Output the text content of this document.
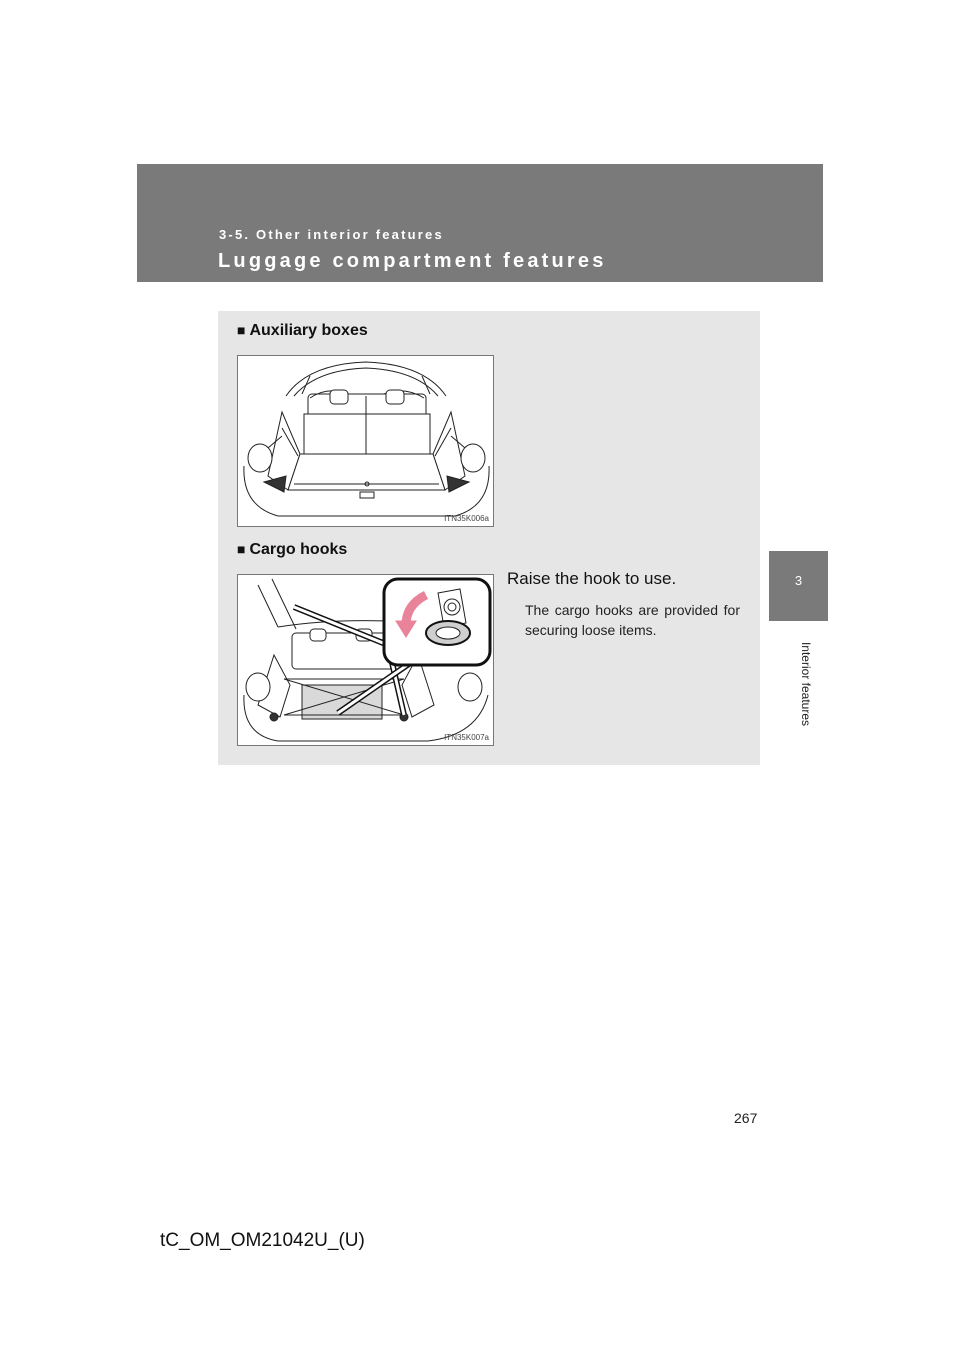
3-5. Other interior features
Luggage compartment features
3
Interior features
■ Auxiliary boxes
ITN35K006a
■ Cargo hooks
ITN35K007a
Raise the hook to use.
The cargo hooks are provided for securing loose items.
267
tC_OM_OM21042U_(U)
